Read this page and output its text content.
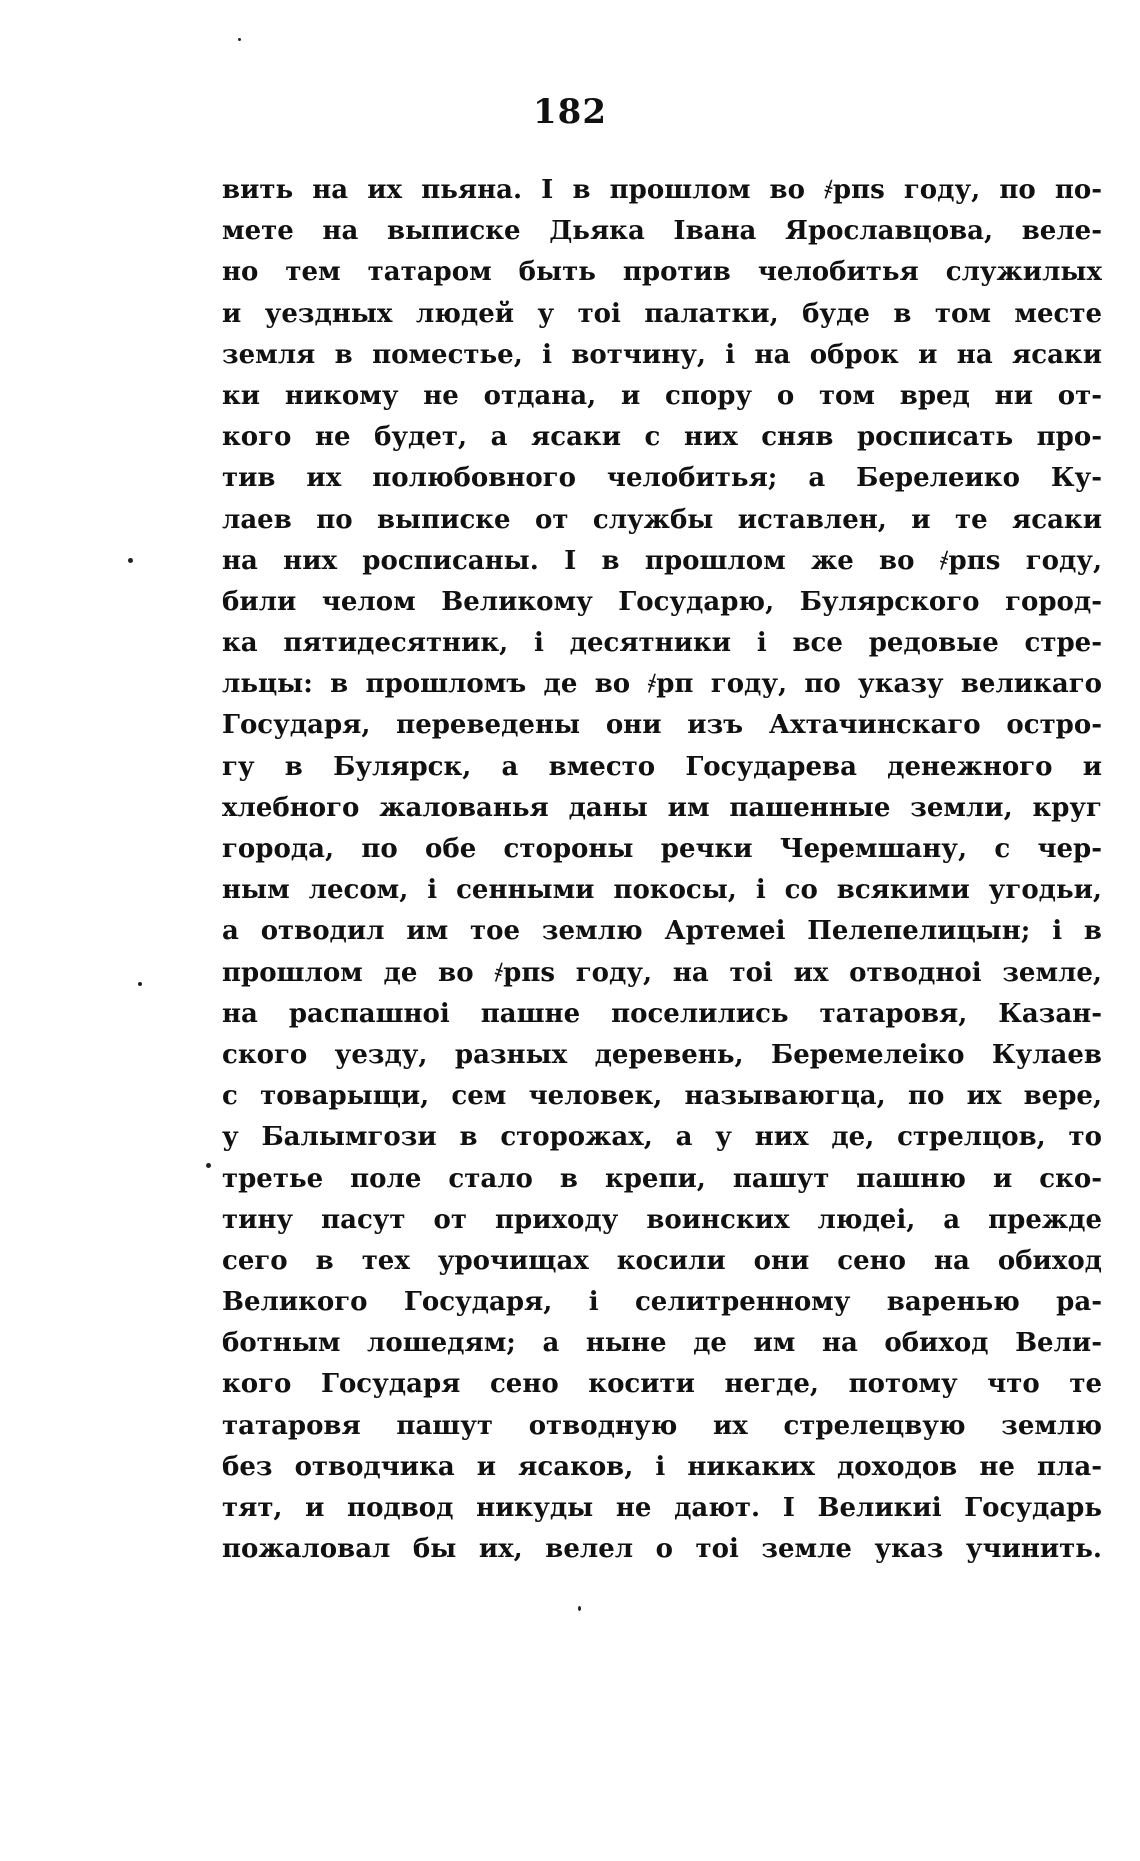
182
вить на их пьяна. І в прошлом во ҂рпѕ году, по по-
мете на выписке Дьяка Івана Ярославцова, веле-
но тем татаром быть против челобитья служилых
и уездных людей у тоі палатки, буде в том месте
земля в поместье, і вотчину, і на оброк и на ясаки
ки никому не отдана, и спору о том вред ни от-
кого не будет, а ясаки с них сняв росписать про-
тив их полюбовного челобитья; а Берелеико Ку-
лаев по выписке от службы иставлен, и те ясаки
на них росписаны. І в прошлом же во ҂рпѕ году,
били челом Великому Государю, Булярского город-
ка пятидесятник, і десятники і все редовые стре-
льцы: в прошломъ де во ҂рп году, по указу великаго
Государя, переведены они изъ Ахтачинскаго остро-
гу в Булярск, а вместо Государева денежного и
хлебного жалованья даны им пашенные земли, круг
города, по обе стороны речки Черемшану, с чер-
ным лесом, і сенными покосы, і со всякими угодьи,
а отводил им тое землю Артемеі Пелепелицын; і в
прошлом де во ҂рпѕ году, на тоі их отводноі земле,
на распашноі пашне поселились татаровя, Казан-
ского уезду, разных деревень, Беремелеіко Кулаев
с товарыщи, сем человек, называюгца, по их вере,
у Балымгози в сторожах, а у них де, стрелцов, то
третье поле стало в крепи, пашут пашню и ско-
тину пасут от приходу воинских людеі, а прежде
сего в тех урочищах косили они сено на обиход
Великого Государя, і селитренному варенью ра-
ботным лошедям; а ныне де им на обиход Вели-
кого Государя сено косити негде, потому что те
татаровя пашут отводную их стрелецвую землю
без отводчика и ясаков, і никаких доходов не пла-
тят, и подвод никуды не дают. І Великиі Государь
пожаловал бы их, велел о тоі земле указ учинить.
